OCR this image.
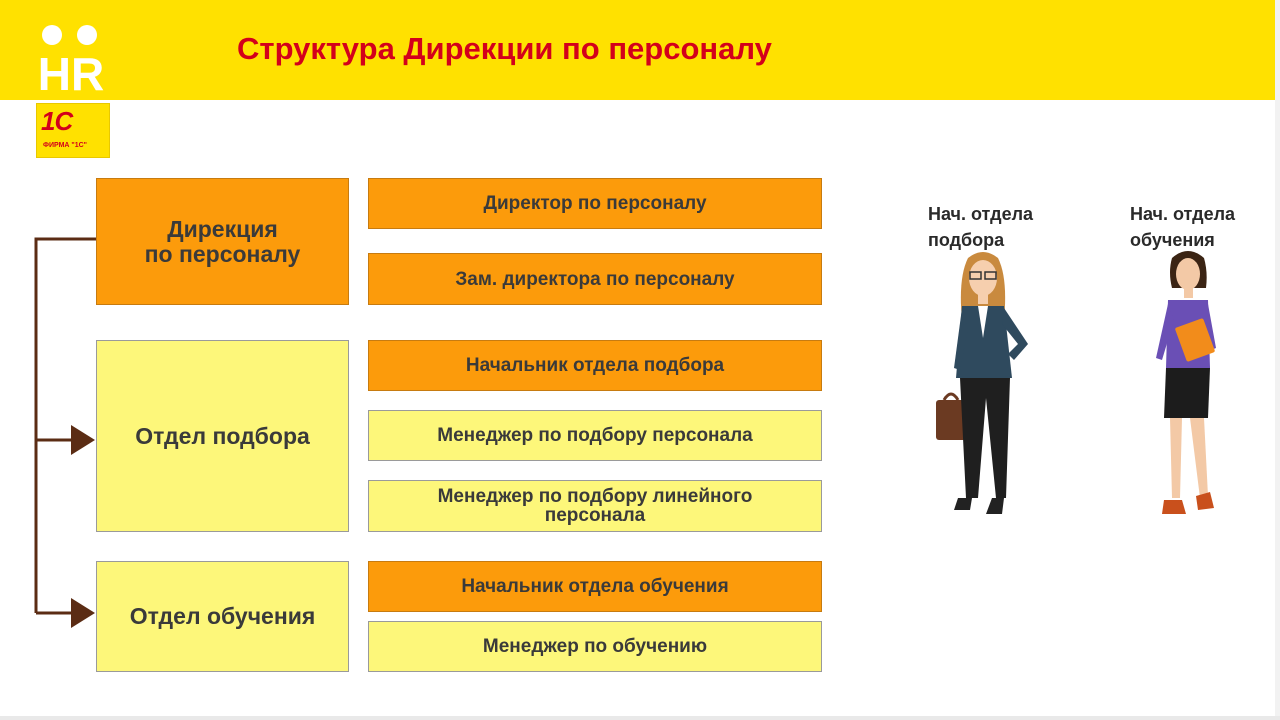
HR	Структура Дирекции по персоналу
1С
ФИРМА "1С"
Дирекция
по персоналу
Отдел подбора
Отдел обучения
Директор по персоналу
Зам. директора по персоналу
Начальник отдела подбора
Менеджер по подбору персонала
Менеджер по подбору линейного персонала
Начальник отдела обучения
Менеджер по обучению
Нач. отдела
подбора
Нач. отдела
обучения
